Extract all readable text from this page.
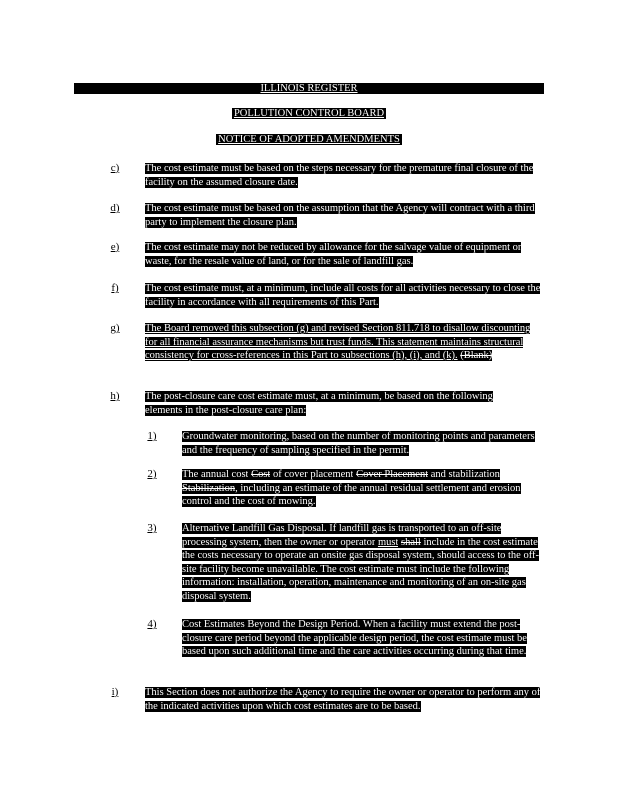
ILLINOIS REGISTER
POLLUTION CONTROL BOARD
NOTICE OF ADOPTED AMENDMENTS
c) The cost estimate must be based on the steps necessary for the premature final closure of the facility on the assumed closure date.
d) The cost estimate must be based on the assumption that the Agency will contract with a third party to implement the closure plan.
e) The cost estimate may not be reduced by allowance for the salvage value of equipment or waste, for the resale value of land, or for the sale of landfill gas.
f)	The cost estimate must, at a minimum, include all costs for all activities necessary to close the facility in accordance with all requirements of this Part.
g) The Board removed this subsection (g) and revised Section 811.718 to disallow discounting for all financial assurance mechanisms but trust funds. This statement maintains structural consistency for cross-references in this Part to subsections (h), (i), and (k). (Blank)
h) The post-closure care cost estimate must, at a minimum, be based on the following elements in the post-closure care plan:
1) Groundwater monitoring, based on the number of monitoring points and parameters and the frequency of sampling specified in the permit.
2) The annual cost Cost of cover placement Cover Placement and stabilization Stabilization, including an estimate of the annual residual settlement and erosion control and the cost of mowing.
3) Alternative Landfill Gas Disposal. If landfill gas is transported to an off-site processing system, then the owner or operator must shall include in the cost estimate the costs necessary to operate an onsite gas disposal system, should access to the off-site facility become unavailable. The cost estimate must include the following information: installation, operation, maintenance and monitoring of an on-site gas disposal system.
4) Cost Estimates Beyond the Design Period. When a facility must extend the post-closure care period beyond the applicable design period, the cost estimate must be based upon such additional time and the care activities occurring during that time.
i)	This Section does not authorize the Agency to require the owner or operator to perform any of the indicated activities upon which cost estimates are to be based.
